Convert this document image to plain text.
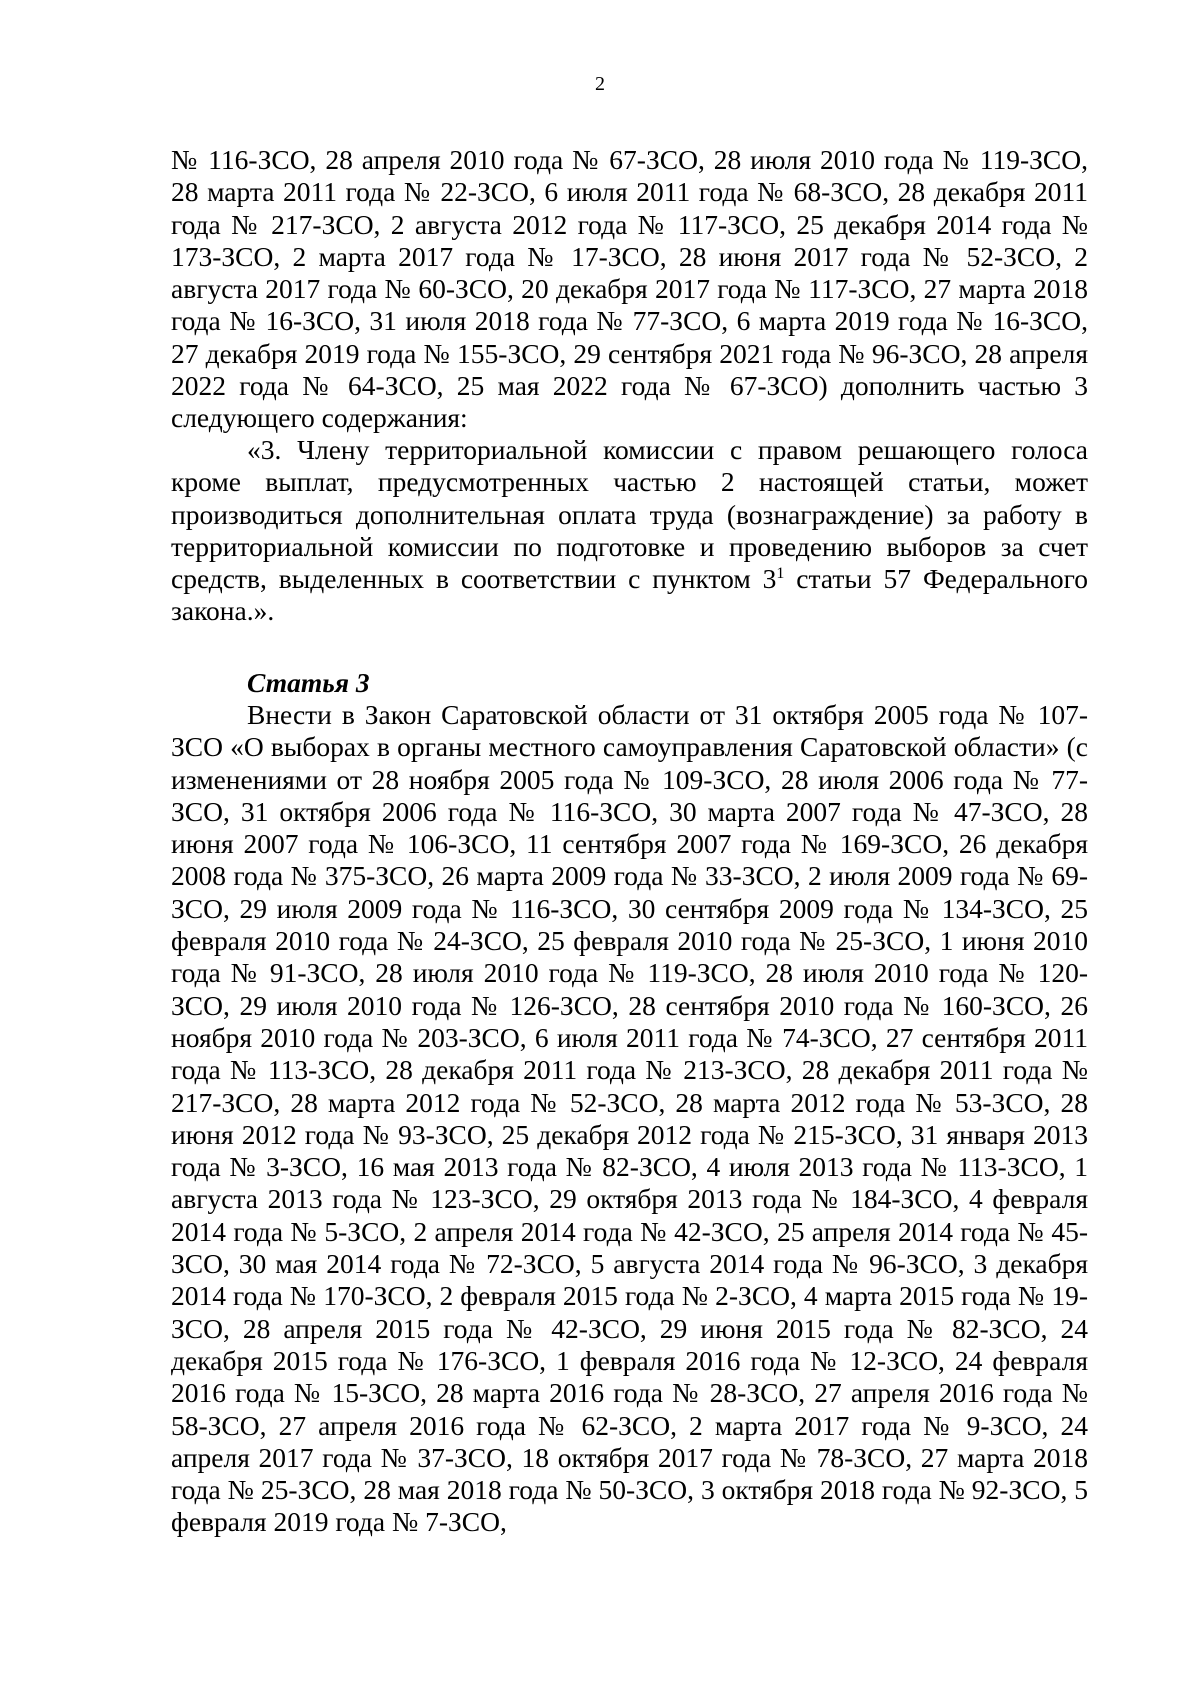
2

№ 116-ЗСО, 28 апреля 2010 года № 67-ЗСО, 28 июля 2010 года № 119-ЗСО, 28 марта 2011 года № 22-ЗСО, 6 июля 2011 года № 68-ЗСО, 28 декабря 2011 года № 217-ЗСО, 2 августа 2012 года № 117-ЗСО, 25 декабря 2014 года № 173-ЗСО, 2 марта 2017 года № 17-ЗСО, 28 июня 2017 года № 52-ЗСО, 2 августа 2017 года № 60-ЗСО, 20 декабря 2017 года № 117-ЗСО, 27 марта 2018 года № 16-ЗСО, 31 июля 2018 года № 77-ЗСО, 6 марта 2019 года № 16-ЗСО, 27 декабря 2019 года № 155-ЗСО, 29 сентября 2021 года № 96-ЗСО, 28 апреля 2022 года № 64-ЗСО, 25 мая 2022 года № 67-ЗСО) дополнить частью 3 следующего содержания:

«3. Члену территориальной комиссии с правом решающего голоса кроме выплат, предусмотренных частью 2 настоящей статьи, может производиться дополнительная оплата труда (вознаграждение) за работу в территориальной комиссии по подготовке и проведению выборов за счет средств, выделенных в соответствии с пунктом $3^1$ статьи 57 Федерального закона.».

Статья 3

Внести в Закон Саратовской области от 31 октября 2005 года № 107-ЗСО «О выборах в органы местного самоуправления Саратовской области» (с изменениями от 28 ноября 2005 года № 109-ЗСО, 28 июля 2006 года № 77-ЗСО, 31 октября 2006 года № 116-ЗСО, 30 марта 2007 года № 47-ЗСО, 28 июня 2007 года № 106-ЗСО, 11 сентября 2007 года № 169-ЗСО, 26 декабря 2008 года № 375-ЗСО, 26 марта 2009 года № 33-ЗСО, 2 июля 2009 года № 69-ЗСО, 29 июля 2009 года № 116-ЗСО, 30 сентября 2009 года № 134-ЗСО, 25 февраля 2010 года № 24-ЗСО, 25 февраля 2010 года № 25-ЗСО, 1 июня 2010 года № 91-ЗСО, 28 июля 2010 года № 119-ЗСО, 28 июля 2010 года № 120-ЗСО, 29 июля 2010 года № 126-ЗСО, 28 сентября 2010 года № 160-ЗСО, 26 ноября 2010 года № 203-ЗСО, 6 июля 2011 года № 74-ЗСО, 27 сентября 2011 года № 113-ЗСО, 28 декабря 2011 года № 213-ЗСО, 28 декабря 2011 года № 217-ЗСО, 28 марта 2012 года № 52-ЗСО, 28 марта 2012 года № 53-ЗСО, 28 июня 2012 года № 93-ЗСО, 25 декабря 2012 года № 215-ЗСО, 31 января 2013 года № 3-ЗСО, 16 мая 2013 года № 82-ЗСО, 4 июля 2013 года № 113-ЗСО, 1 августа 2013 года № 123-ЗСО, 29 октября 2013 года № 184-ЗСО, 4 февраля 2014 года № 5-ЗСО, 2 апреля 2014 года № 42-ЗСО, 25 апреля 2014 года № 45-ЗСО, 30 мая 2014 года № 72-ЗСО, 5 августа 2014 года № 96-ЗСО, 3 декабря 2014 года № 170-ЗСО, 2 февраля 2015 года № 2-ЗСО, 4 марта 2015 года № 19-ЗСО, 28 апреля 2015 года № 42-ЗСО, 29 июня 2015 года № 82-ЗСО, 24 декабря 2015 года № 176-ЗСО, 1 февраля 2016 года № 12-ЗСО, 24 февраля 2016 года № 15-ЗСО, 28 марта 2016 года № 28-ЗСО, 27 апреля 2016 года № 58-ЗСО, 27 апреля 2016 года № 62-ЗСО, 2 марта 2017 года № 9-ЗСО, 24 апреля 2017 года № 37-ЗСО, 18 октября 2017 года № 78-ЗСО, 27 марта 2018 года № 25-ЗСО, 28 мая 2018 года № 50-ЗСО, 3 октября 2018 года № 92-ЗСО, 5 февраля 2019 года № 7-ЗСО,
